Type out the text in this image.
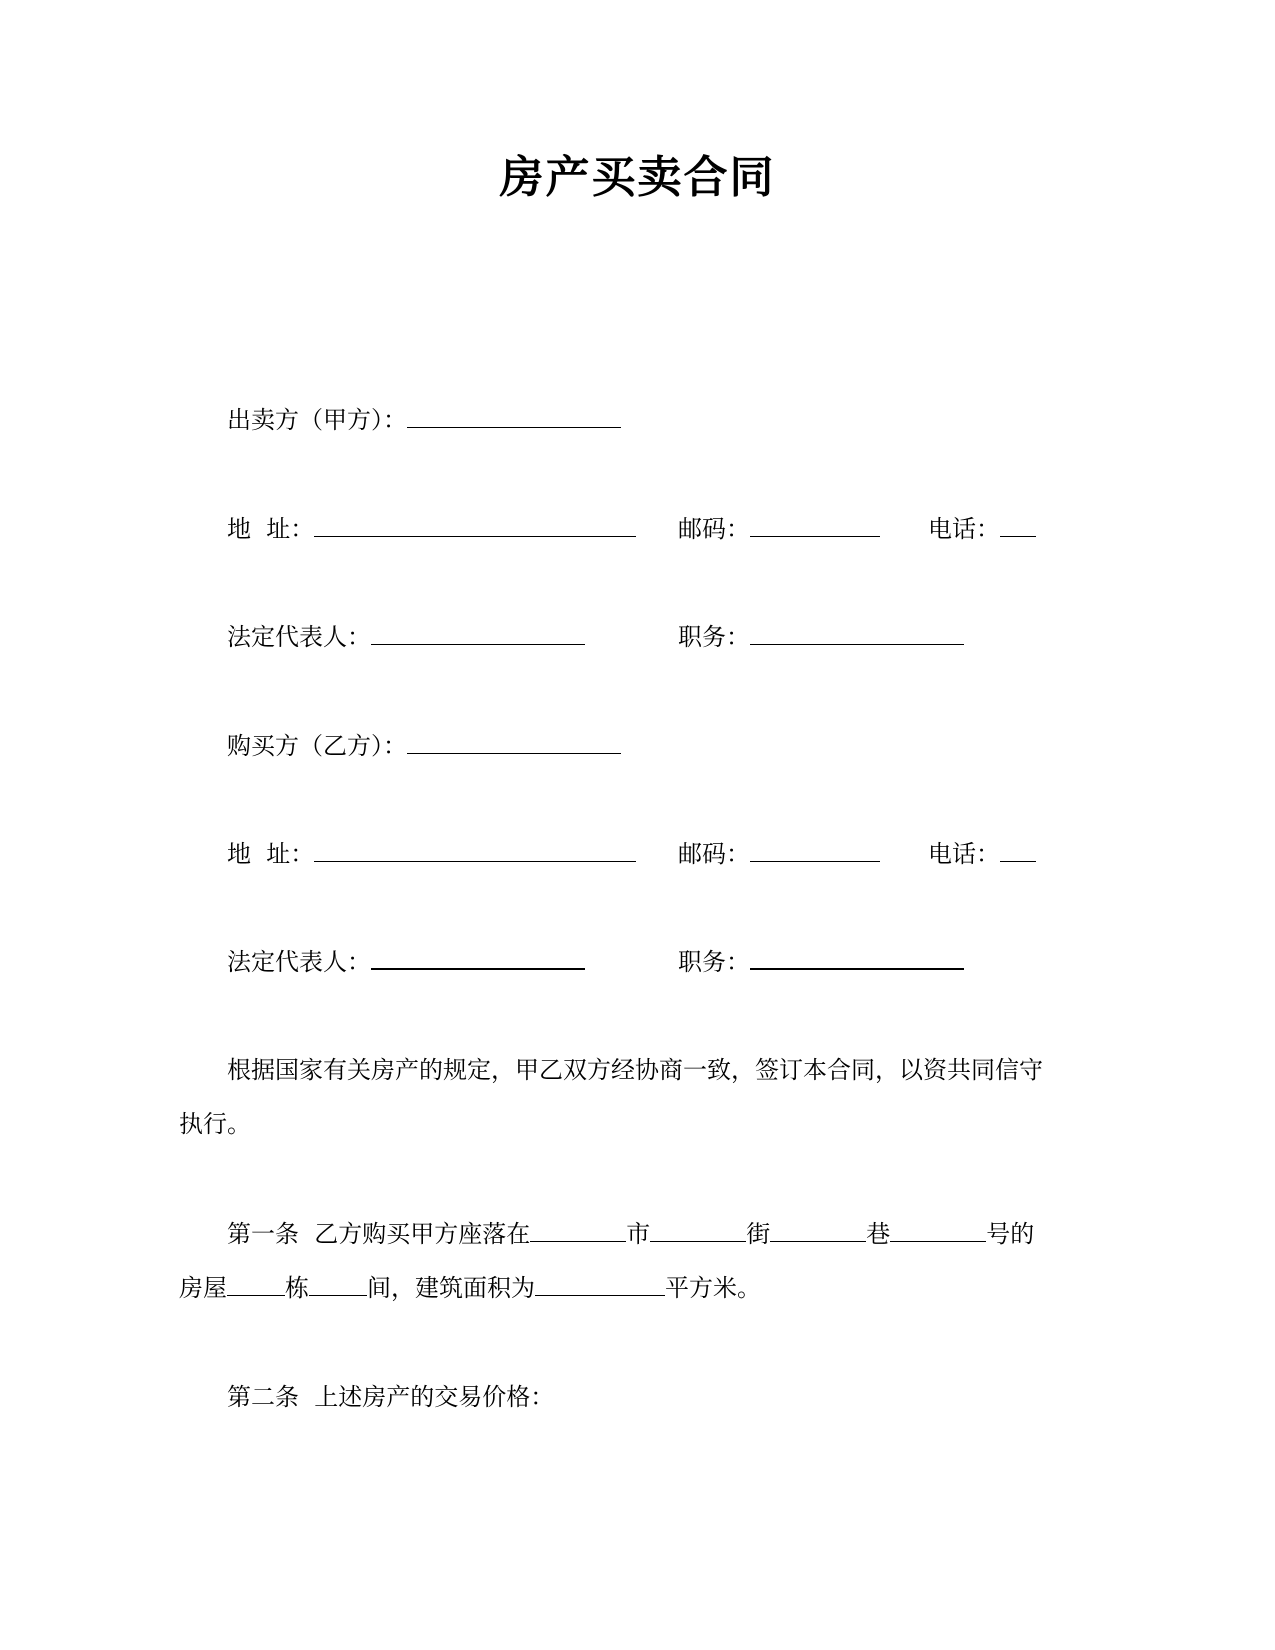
房产买卖合同
出卖方（甲方）：
地  址：	邮码：	电话：
法定代表人：	职务：
购买方（乙方）：
地  址：	邮码：	电话：
法定代表人：	职务：
根据国家有关房产的规定，甲乙双方经协商一致，签订本合同，以资共同信守
执行。
第一条  乙方购买甲方座落在	市	街	巷	号的
房屋 栋 间，建筑面积为	平方米。
第二条  上述房产的交易价格：
